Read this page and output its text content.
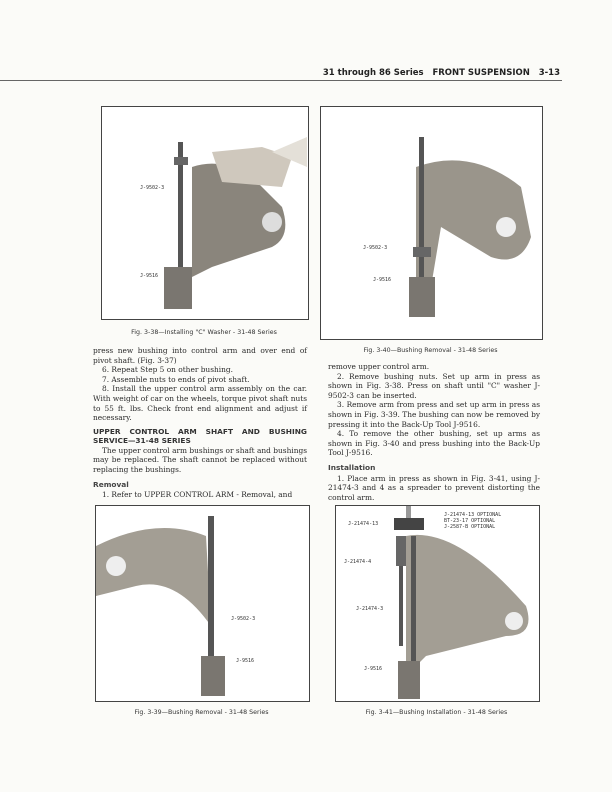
31 through 86 Series FRONT SUSPENSION 3-13
J-9502-3
J-9516
Fig. 3-38—Installing "C" Washer - 31-48 Series
J-9502-3
J-9516
Fig. 3-40—Bushing Removal - 31-48 Series
J-9502-3
J-9516
Fig. 3-39—Bushing Removal - 31-48 Series
J-21474-13
J-21474-4
J-21474-3
J-9516
J-21474-13 OPTIONAL
BT-23-17 OPTIONAL
J-2587-B OPTIONAL
Fig. 3-41—Bushing Installation - 31-48 Series

press new bushing into control arm and over end of pivot shaft. (Fig. 3-37)

6. Repeat Step 5 on other bushing.

7. Assemble nuts to ends of pivot shaft.

8. Install the upper control arm assembly on the car. With weight of car on the wheels, torque pivot shaft nuts to 55 ft. lbs. Check front end alignment and adjust if necessary.

UPPER CONTROL ARM SHAFT AND BUSHING SERVICE—31-48 SERIES

The upper control arm bushings or shaft and bushings may be replaced. The shaft cannot be replaced without replacing the bushings.

Removal

1. Refer to UPPER CONTROL ARM - Removal, and

remove upper control arm.

2. Remove bushing nuts. Set up arm in press as shown in Fig. 3-38. Press on shaft until "C" washer J-9502-3 can be inserted.

3. Remove arm from press and set up arm in press as shown in Fig. 3-39. The bushing can now be removed by pressing it into the Back-Up Tool J-9516.

4. To remove the other bushing, set up arms as shown in Fig. 3-40 and press bushing into the Back-Up Tool J-9516.

Installation

1. Place arm in press as shown in Fig. 3-41, using J-21474-3 and 4 as a spreader to prevent distorting the control arm.
